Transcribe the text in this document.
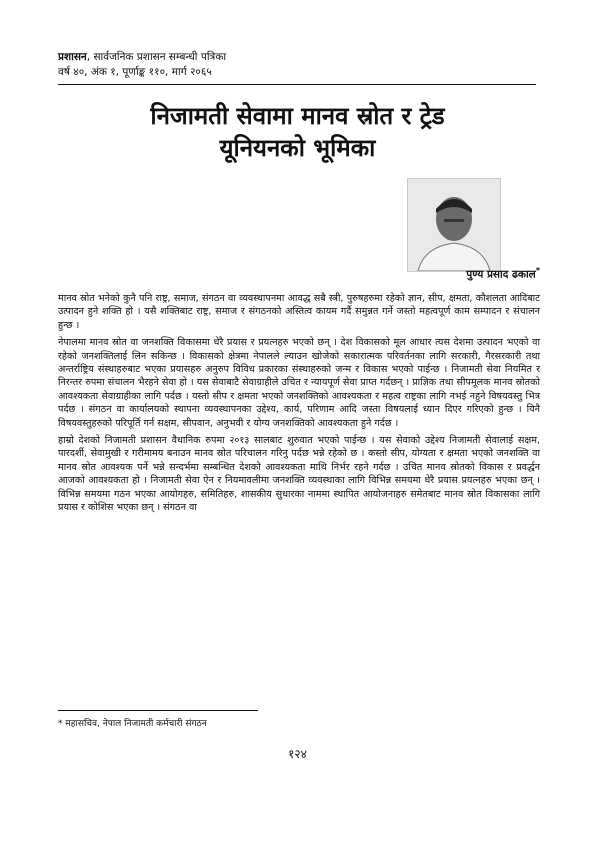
प्रशासन, सार्वजनिक प्रशासन सम्बन्धी पत्रिका
वर्ष ४०, अंक १, पूर्णाङ्क ११०, मार्ग २०६५
निजामती सेवामा मानव स्रोत र ट्रेड
यूनियनको भूमिका
पुण्य प्रसाद ढकाल*

मानव स्रोत भनेको कुनै पनि राष्ट्र, समाज, संगठन वा व्यवस्थापनमा आवद्ध सबै स्त्री, पुरुषहरुमा रहेको ज्ञान, सीप, क्षमता, कौशलता आदिबाट उत्पादन हुने शक्ति हो । यसै शक्तिबाट राष्ट्र, समाज र संगठनको अस्तित्व कायम गर्दै समुन्नत गर्ने जस्तो महत्वपूर्ण काम सम्पादन र संचालन हुन्छ ।

नेपालमा मानव स्रोत वा जनशक्ति विकासमा धेरै प्रयास र प्रयत्नहरु भएको छन् । देश विकासको मूल आधार त्यस देशमा उत्पादन भएको वा रहेको जनशक्तिलाई लिन सकिन्छ । विकासको क्षेत्रमा नेपालले ल्याउन खोजेको सकारात्मक परिवर्तनका लागि सरकारी, गैरसरकारी तथा अन्तर्राष्ट्रिय संस्थाहरुबाट भएका प्रयासहरु अनुरुप विविध प्रकारका संस्थाहरुको जन्म र विकास भएको पाईन्छ । निजामती सेवा नियमित र निरन्तर रुपमा संचालन भैरहने सेवा हो । यस सेवाबाटै सेवाग्राहीले उचित र न्यायपूर्ण सेवा प्राप्त गर्दछन् । प्राज्ञिक तथा सीपमूलक मानव स्रोतको आवश्यकता सेवाग्राहीका लागि पर्दछ । यस्तो सीप र क्षमता भएको जनशक्तिको आवश्यकता र महत्व राष्ट्रका लागि नभई नहुने विषयवस्तु भित्र पर्दछ । संगठन वा कार्यालयको स्थापना व्यवस्थापनका उद्देश्य, कार्य, परिणाम आदि जस्ता विषयलाई ध्यान दिएर गरिएको हुन्छ । यिनै विषयवस्तुहरुको परिपूर्ति गर्न सक्षम, सीपवान, अनुभवी र योग्य जनशक्तिको आवश्यकता हुने गर्दछ ।

हाम्रो देशको निजामती प्रशासन वैधानिक रुपमा २०१३ सालबाट शुरुवात भएको पाईन्छ । यस सेवाको उद्देश्य निजामती सेवालाई सक्षम, पारदर्शी, सेवामुखी र गरीमामय बनाउन मानव स्रोत परिचालन गरिनु पर्दछ भन्ने रहेको छ । कस्तो सीप, योग्यता र क्षमता भएको जनशक्ति वा मानव स्रोत आवश्यक पर्ने भन्ने सन्दर्भमा सम्बन्धित देशको आवश्यकता माथि निर्भर रहने गर्दछ । उचित मानव स्रोतको विकास र प्रवर्द्धन आजको आवश्यकता हो । निजामती सेवा ऐन र नियमावलीमा जनशक्ति व्यवस्थाका लागि विभिन्न समयमा धेरै प्रयास प्रयत्नहरु भएका छन् । विभिन्न समयमा गठन भएका आयोगहरु, समितिहरु, शासकीय सुधारका नाममा स्थापित आयोजनाहरु समेतबाट मानव स्रोत विकासका लागि प्रयास र कोशिस भएका छन् । संगठन वा

* महासचिव, नेपाल निजामती कर्मचारी संगठन
१२४
